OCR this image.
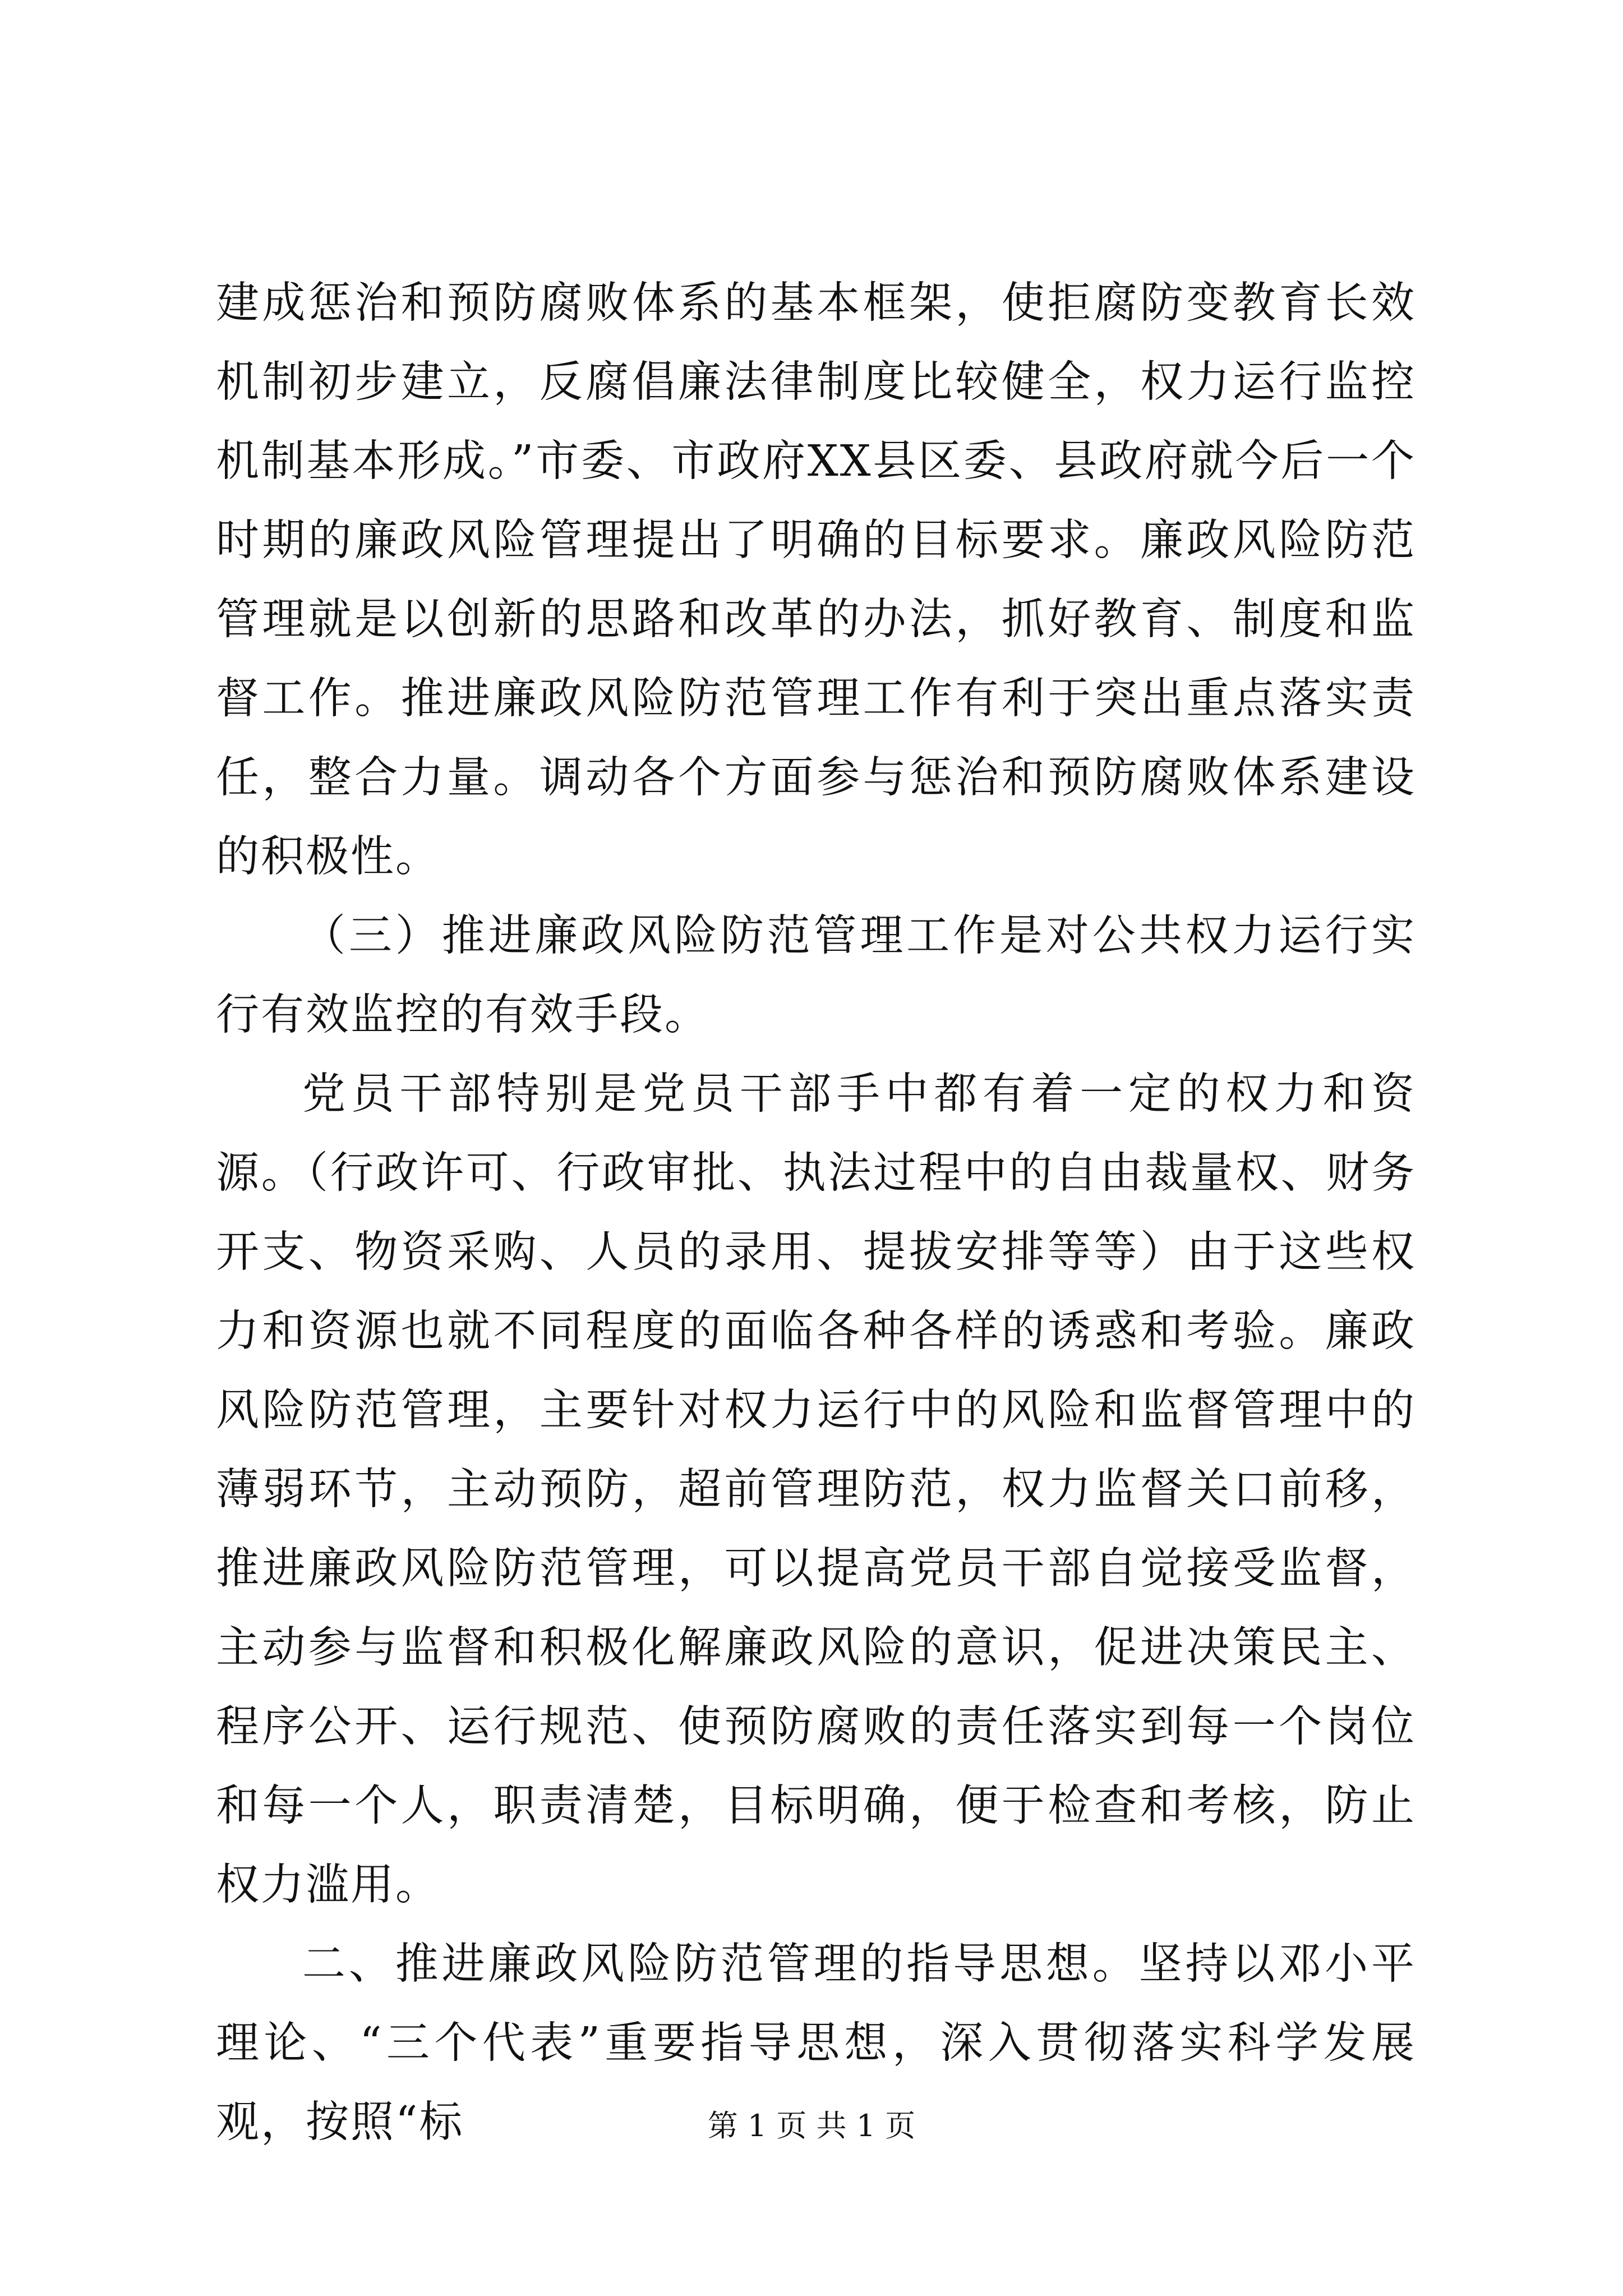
建成惩治和预防腐败体系的基本框架，使拒腐防变教育长效机制初步建立，反腐倡廉法律制度比较健全，权力运行监控机制基本形成。”市委、市政府XX县区委、县政府就今后一个时期的廉政风险管理提出了明确的目标要求。廉政风险防范管理就是以创新的思路和改革的办法，抓好教育、制度和监督工作。推进廉政风险防范管理工作有利于突出重点落实责任，整合力量。调动各个方面参与惩治和预防腐败体系建设的积极性。

（三）推进廉政风险防范管理工作是对公共权力运行实行有效监控的有效手段。

党员干部特别是党员干部手中都有着一定的权力和资源。（行政许可、行政审批、执法过程中的自由裁量权、财务开支、物资采购、人员的录用、提拔安排等等）由于这些权力和资源也就不同程度的面临各种各样的诱惑和考验。廉政风险防范管理，主要针对权力运行中的风险和监督管理中的薄弱环节，主动预防，超前管理防范，权力监督关口前移，推进廉政风险防范管理，可以提高党员干部自觉接受监督，主动参与监督和积极化解廉政风险的意识，促进决策民主、程序公开、运行规范、使预防腐败的责任落实到每一个岗位和每一个人，职责清楚，目标明确，便于检查和考核，防止权力滥用。

二、推进廉政风险防范管理的指导思想。坚持以邓小平理论、“三个代表”重要指导思想，深入贯彻落实科学发展观，按照“标	第 1 页 共 1 页
